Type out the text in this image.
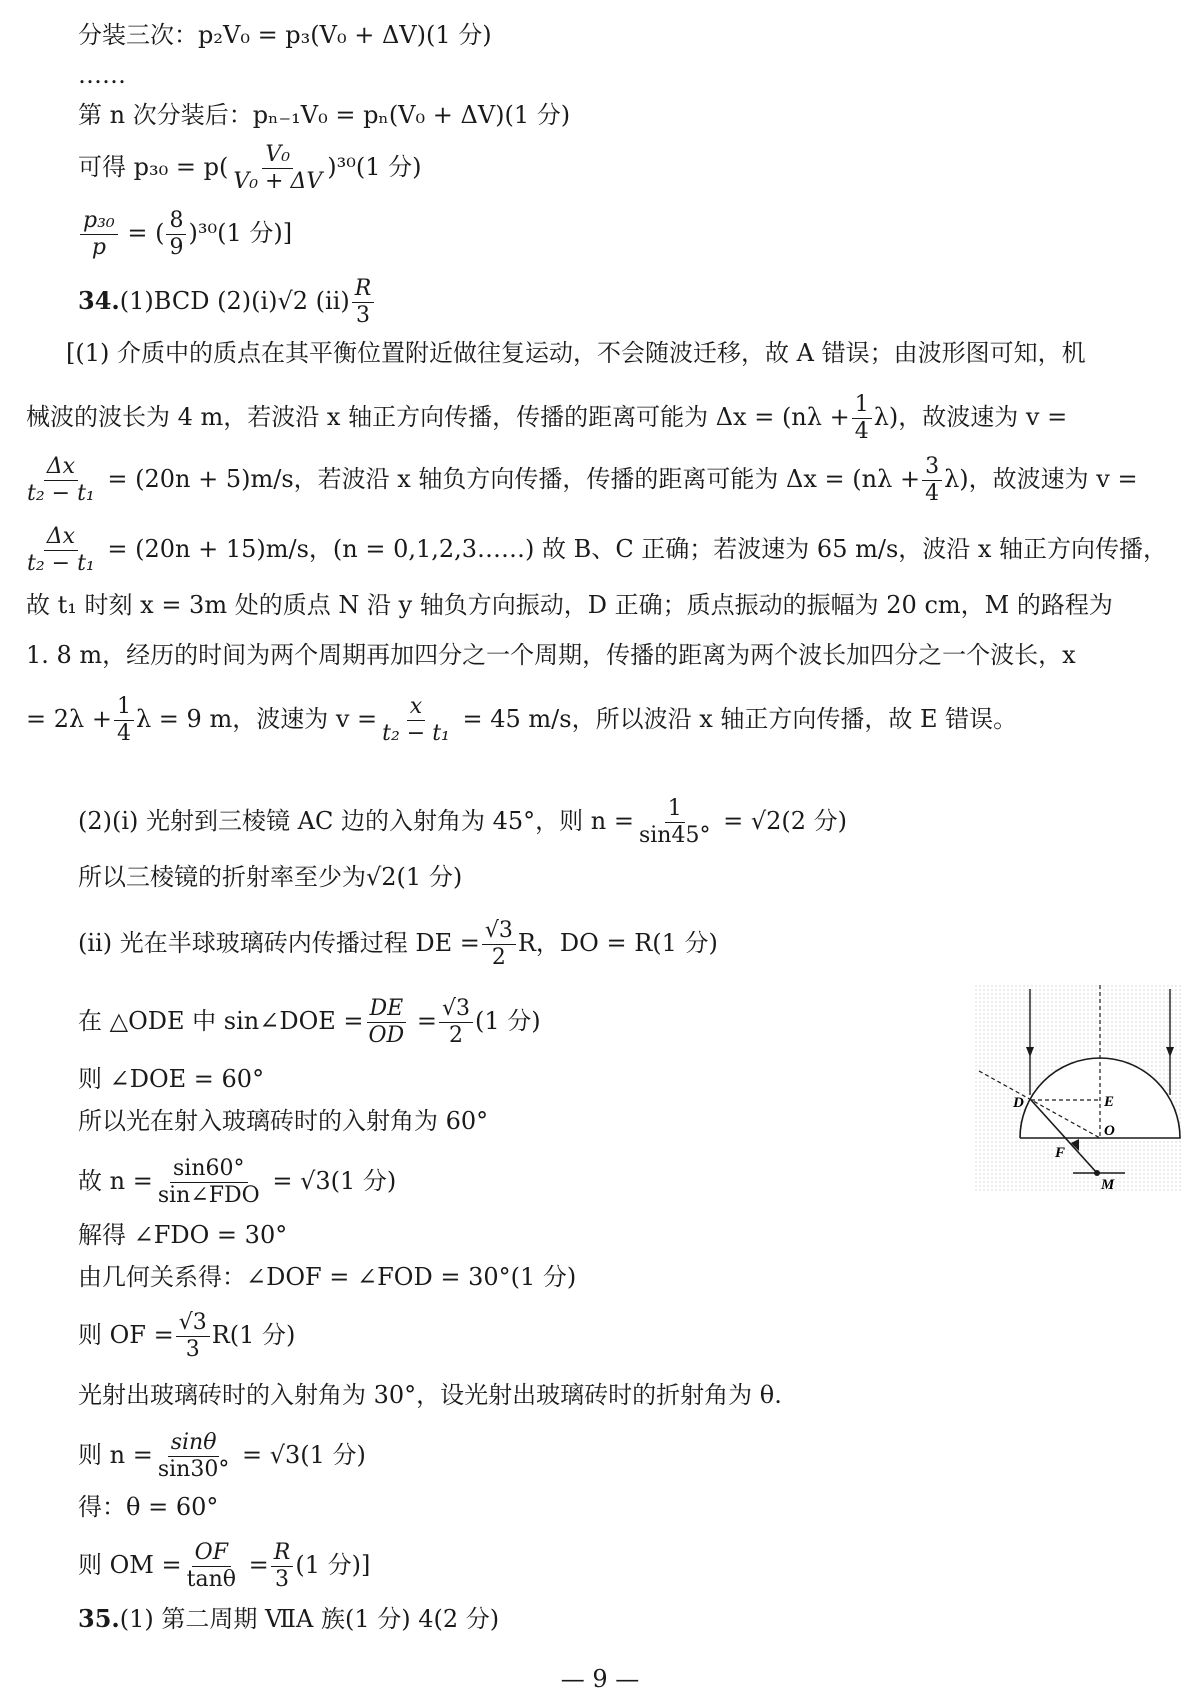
分装三次：p₂V₀ = p₃(V₀ + ΔV)(1 分)
……
第 n 次分装后：pₙ₋₁V₀ = pₙ(V₀ + ΔV)(1 分)
可得 $p_{30} = p( \frac{\text{V₀}}{\text{V₀ + ΔV}} )^{30}(1$ 分)
$\frac{\text{p₃₀}}{p}$ = ( $\frac{8}{9} )^{30}(1$ 分)]
34.(1)BCD (2)(ⅰ)√2 (ⅱ) $\frac{R}{3}$
[(1) 介质中的质点在其平衡位置附近做往复运动，不会随波迁移，故 A 错误；由波形图可知，机
械波的波长为 4 m，若波沿 x 轴正方向传播，传播的距离可能为 $\Delta x = (n\lambda + \frac{1}{4} \lambda)$，故波速为 v =
$\frac{\Delta x}{\text{t₂ − t₁}} = (20n + 5)m/s$，若波沿 x 轴负方向传播，传播的距离可能为 $\Delta x = (n\lambda + \frac{3}{4} \lambda)$，故波速为 v =
$\frac{\Delta x}{\text{t₂ − t₁}} = (20n + 15)m/s$，(n = 0,1,2,3……) 故 B、C 正确；若波速为 65 m/s，波沿 x 轴正方向传播，
故 t₁ 时刻 x = 3m 处的质点 N 沿 y 轴负方向振动，D 正确；质点振动的振幅为 20 cm，M 的路程为
1. 8 m，经历的时间为两个周期再加四分之一个周期，传播的距离为两个波长加四分之一个波长，x
= $2\lambda + \frac{1}{4}$ λ = 9 m，波速为 $v = \frac{x}{\text{t₂ − t₁}} = 45$ m/s，所以波沿 x 轴正方向传播，故 E 错误。
(2)(ⅰ) 光射到三棱镜 AC 边的入射角为 45°，则 $n = \frac{1}{\sin 45^\circ} = √2(2$ 分)
所以三棱镜的折射率至少为√2(1 分)
(ⅱ) 光在半球玻璃砖内传播过程 DE = $\frac{√3}{2}$ R，DO = R(1 分)
在 △ODE 中 sin∠DOE = $\frac{DE}{OD} = \frac{√3}{2} (1$ 分)
则 ∠DOE = 60°
所以光在射入玻璃砖时的入射角为 60°
故 $n = \frac{\sin 60^\circ}{\text{sin∠FDO}} = √3(1$ 分)
解得 ∠FDO = 30°
由几何关系得：∠DOF = ∠FOD = 30°(1 分)
则 OF = $\frac{√3}{3} R(1$ 分)
光射出玻璃砖时的入射角为 30°，设光射出玻璃砖时的折射角为 θ.
则 $n = \frac{\sin\theta}{\sin 30^\circ} = √3(1$ 分)
得：θ = 60°
则 OM = $\frac{OF}{\tan\theta} = \frac{R}{3} (1$ 分)]
35.(1) 第二周期 ⅦA 族(1 分) 4(2 分)
D	E
O
F
M
— 9 —
